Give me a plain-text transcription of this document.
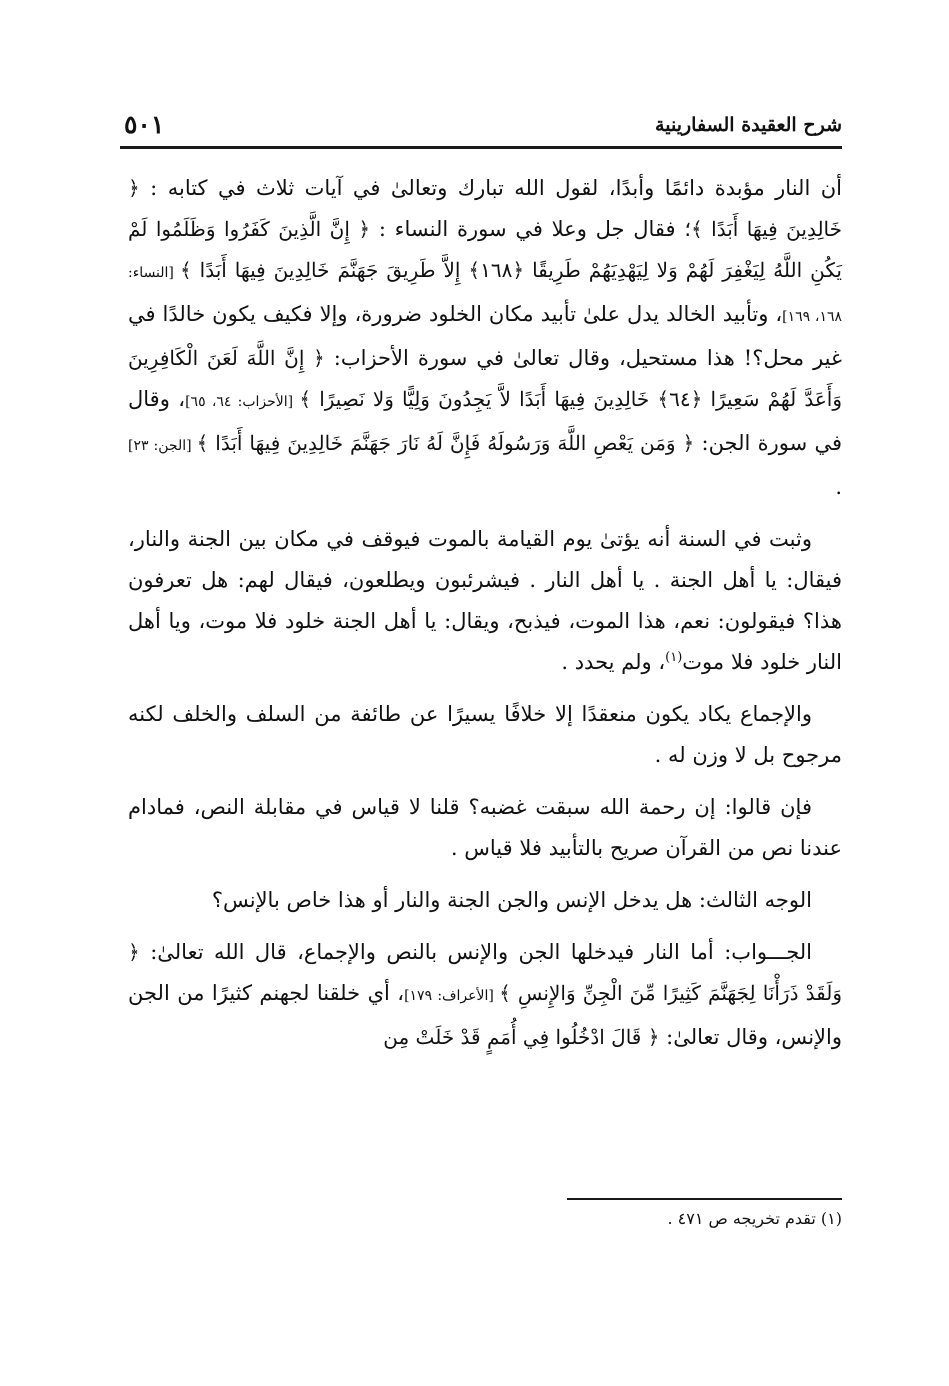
شرح العقيدة السفارينية
٥٠١

أن النار مؤبدة دائمًا وأبدًا، لقول الله تبارك وتعالىٰ في آيات ثلاث في كتابه : ﴿ خَالِدِينَ فِيهَا أَبَدًا ﴾؛ فقال جل وعلا في سورة النساء : ﴿ إِنَّ الَّذِينَ كَفَرُوا وَظَلَمُوا لَمْ يَكُنِ اللَّهُ لِيَغْفِرَ لَهُمْ وَلا لِيَهْدِيَهُمْ طَرِيقًا ﴿١٦٨﴾ إِلاَّ طَرِيقَ جَهَنَّمَ خَالِدِينَ فِيهَا أَبَدًا ﴾ [النساء: ١٦٨، ١٦٩]، وتأبيد الخالد يدل علىٰ تأبيد مكان الخلود ضرورة، وإلا فكيف يكون خالدًا في غير محل؟! هذا مستحيل، وقال تعالىٰ في سورة الأحزاب: ﴿ إِنَّ اللَّهَ لَعَنَ الْكَافِرِينَ وَأَعَدَّ لَهُمْ سَعِيرًا ﴿٦٤﴾ خَالِدِينَ فِيهَا أَبَدًا لاَّ يَجِدُونَ وَلِيًّا وَلا نَصِيرًا ﴾ [الأحزاب: ٦٤، ٦٥]، وقال في سورة الجن: ﴿ وَمَن يَعْصِ اللَّهَ وَرَسُولَهُ فَإِنَّ لَهُ نَارَ جَهَنَّمَ خَالِدِينَ فِيهَا أَبَدًا ﴾ [الجن: ٢٣] .

وثبت في السنة أنه يؤتىٰ يوم القيامة بالموت فيوقف في مكان بين الجنة والنار، فيقال: يا أهل الجنة . يا أهل النار . فيشرئبون ويطلعون، فيقال لهم: هل تعرفون هذا؟ فيقولون: نعم، هذا الموت، فيذبح، ويقال: يا أهل الجنة خلود فلا موت، ويا أهل النار خلود فلا موت$^{(١)}$، ولم يحدد .

والإجماع يكاد يكون منعقدًا إلا خلافًا يسيرًا عن طائفة من السلف والخلف لكنه مرجوح بل لا وزن له .

فإن قالوا: إن رحمة الله سبقت غضبه؟ قلنا لا قياس في مقابلة النص، فمادام عندنا نص من القرآن صريح بالتأبيد فلا قياس .

الوجه الثالث: هل يدخل الإنس والجن الجنة والنار أو هذا خاص بالإنس؟

الجـــواب: أما النار فيدخلها الجن والإنس بالنص والإجماع، قال الله تعالىٰ: ﴿ وَلَقَدْ ذَرَأْنَا لِجَهَنَّمَ كَثِيرًا مِّنَ الْجِنِّ وَالإِنسِ ﴾ [الأعراف: ١٧٩]، أي خلقنا لجهنم كثيرًا من الجن والإنس، وقال تعالىٰ: ﴿ قَالَ ادْخُلُوا فِي أُمَمٍ قَدْ خَلَتْ مِن

(١) تقدم تخريجه ص ٤٧١ .
